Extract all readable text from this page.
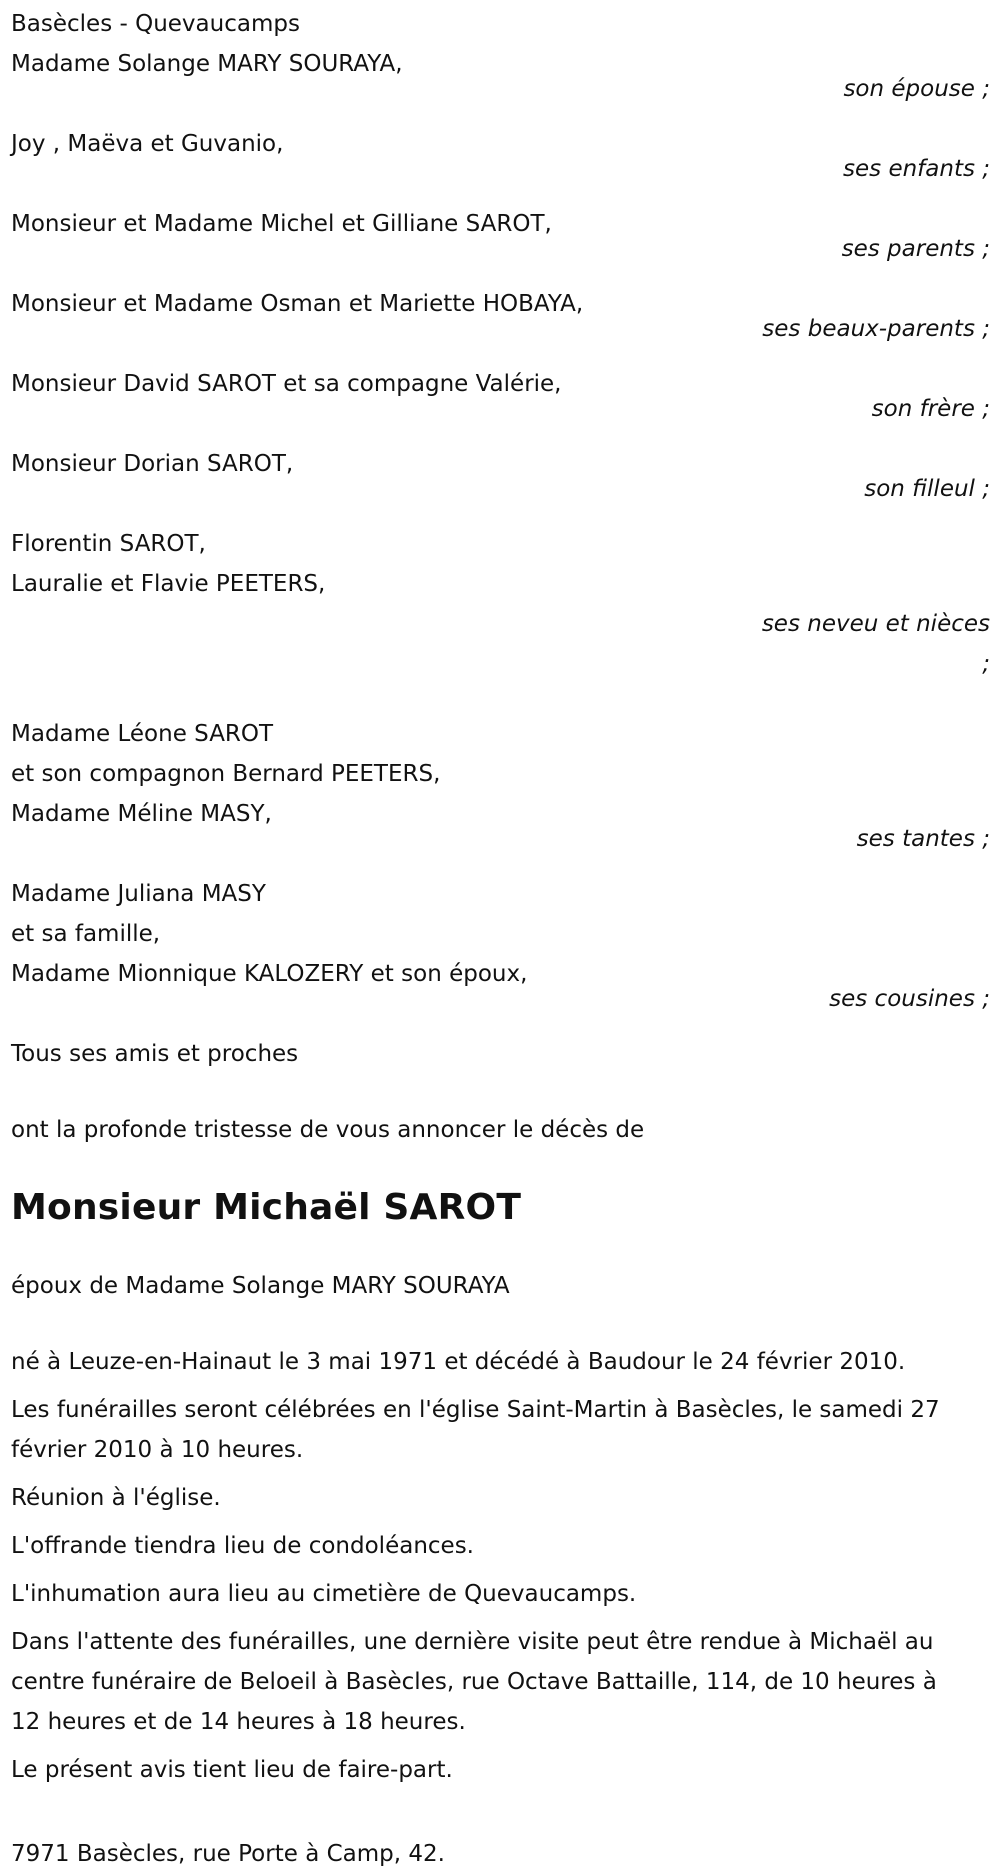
Basècles - Quevaucamps

Madame Solange MARY SOURAYA,

son épouse ;

Joy , Maëva et Guvanio,

ses enfants ;

Monsieur et Madame Michel et Gilliane SAROT,

ses parents ;

Monsieur et Madame Osman et Mariette HOBAYA,

ses beaux-parents ;

Monsieur David SAROT et sa compagne Valérie,

son frère ;

Monsieur Dorian SAROT,

son filleul ;

Florentin SAROT,

Lauralie et Flavie PEETERS,

ses neveu et nièces
;

Madame Léone SAROT

et son compagnon Bernard PEETERS,

Madame Méline MASY,

ses tantes ;

Madame Juliana MASY

et sa famille,

Madame Mionnique KALOZERY et son époux,

ses cousines ;

Tous ses amis et proches

ont la profonde tristesse de vous annoncer le décès de

Monsieur Michaël SAROT

époux de Madame Solange MARY SOURAYA

né à Leuze-en-Hainaut le 3 mai 1971 et décédé à Baudour le 24 février 2010.

Les funérailles seront célébrées en l'église Saint-Martin à Basècles, le samedi 27 février 2010 à 10 heures.

Réunion à l'église.

L'offrande tiendra lieu de condoléances.

L'inhumation aura lieu au cimetière de Quevaucamps.

Dans l'attente des funérailles, une dernière visite peut être rendue à Michaël au centre funéraire de Beloeil à Basècles, rue Octave Battaille, 114, de 10 heures à 12 heures et de 14 heures à 18 heures.

Le présent avis tient lieu de faire-part.

7971 Basècles, rue Porte à Camp, 42.
